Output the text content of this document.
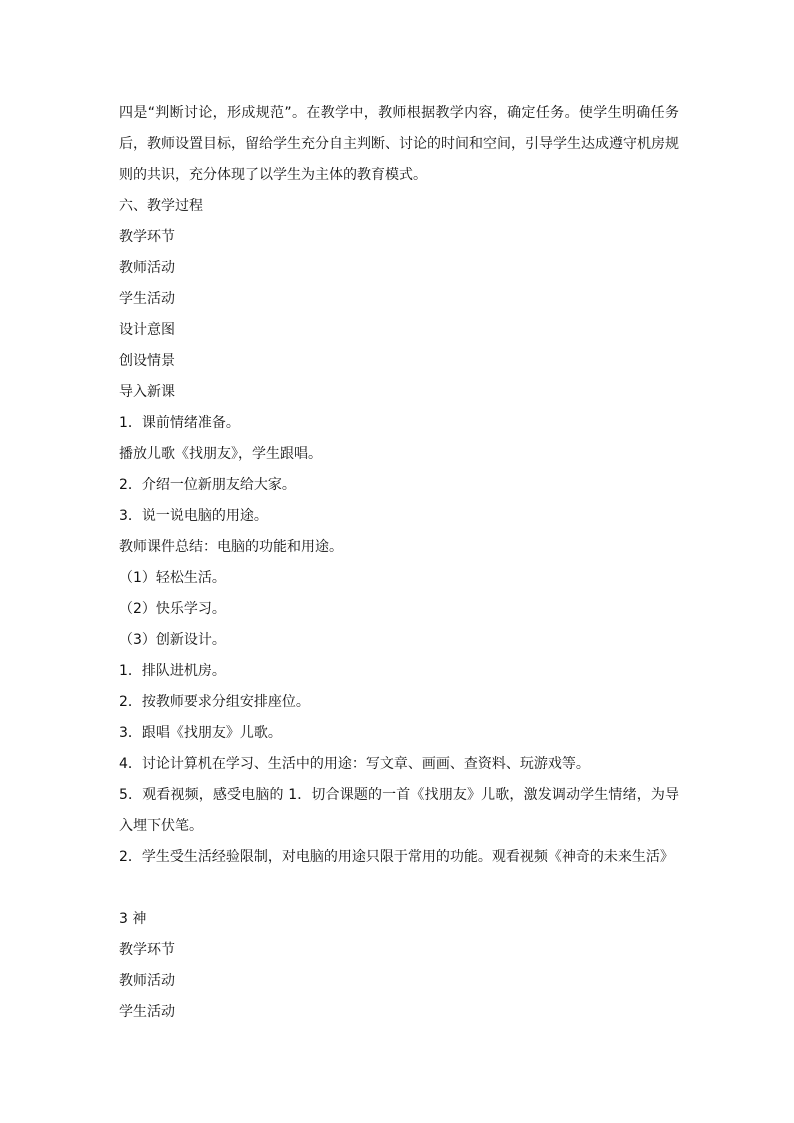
四是“判断讨论，形成规范”。在教学中，教师根据教学内容，确定任务。使学生明确任务后，教师设置目标，留给学生充分自主判断、讨论的时间和空间，引导学生达成遵守机房规则的共识，充分体现了以学生为主体的教育模式。

六、教学过程

教学环节

教师活动

学生活动

设计意图

创设情景

导入新课

1．课前情绪准备。

播放儿歌《找朋友》，学生跟唱。

2．介绍一位新朋友给大家。

3．说一说电脑的用途。

教师课件总结：电脑的功能和用途。

（1）轻松生活。

（2）快乐学习。

（3）创新设计。

1．排队进机房。

2．按教师要求分组安排座位。

3．跟唱《找朋友》儿歌。

4．讨论计算机在学习、生活中的用途：写文章、画画、查资料、玩游戏等。

5．观看视频，感受电脑的 1．切合课题的一首《找朋友》儿歌，激发调动学生情绪，为导入埋下伏笔。

2．学生受生活经验限制，对电脑的用途只限于常用的功能。观看视频《神奇的未来生活》

3 神

教学环节

教师活动

学生活动
